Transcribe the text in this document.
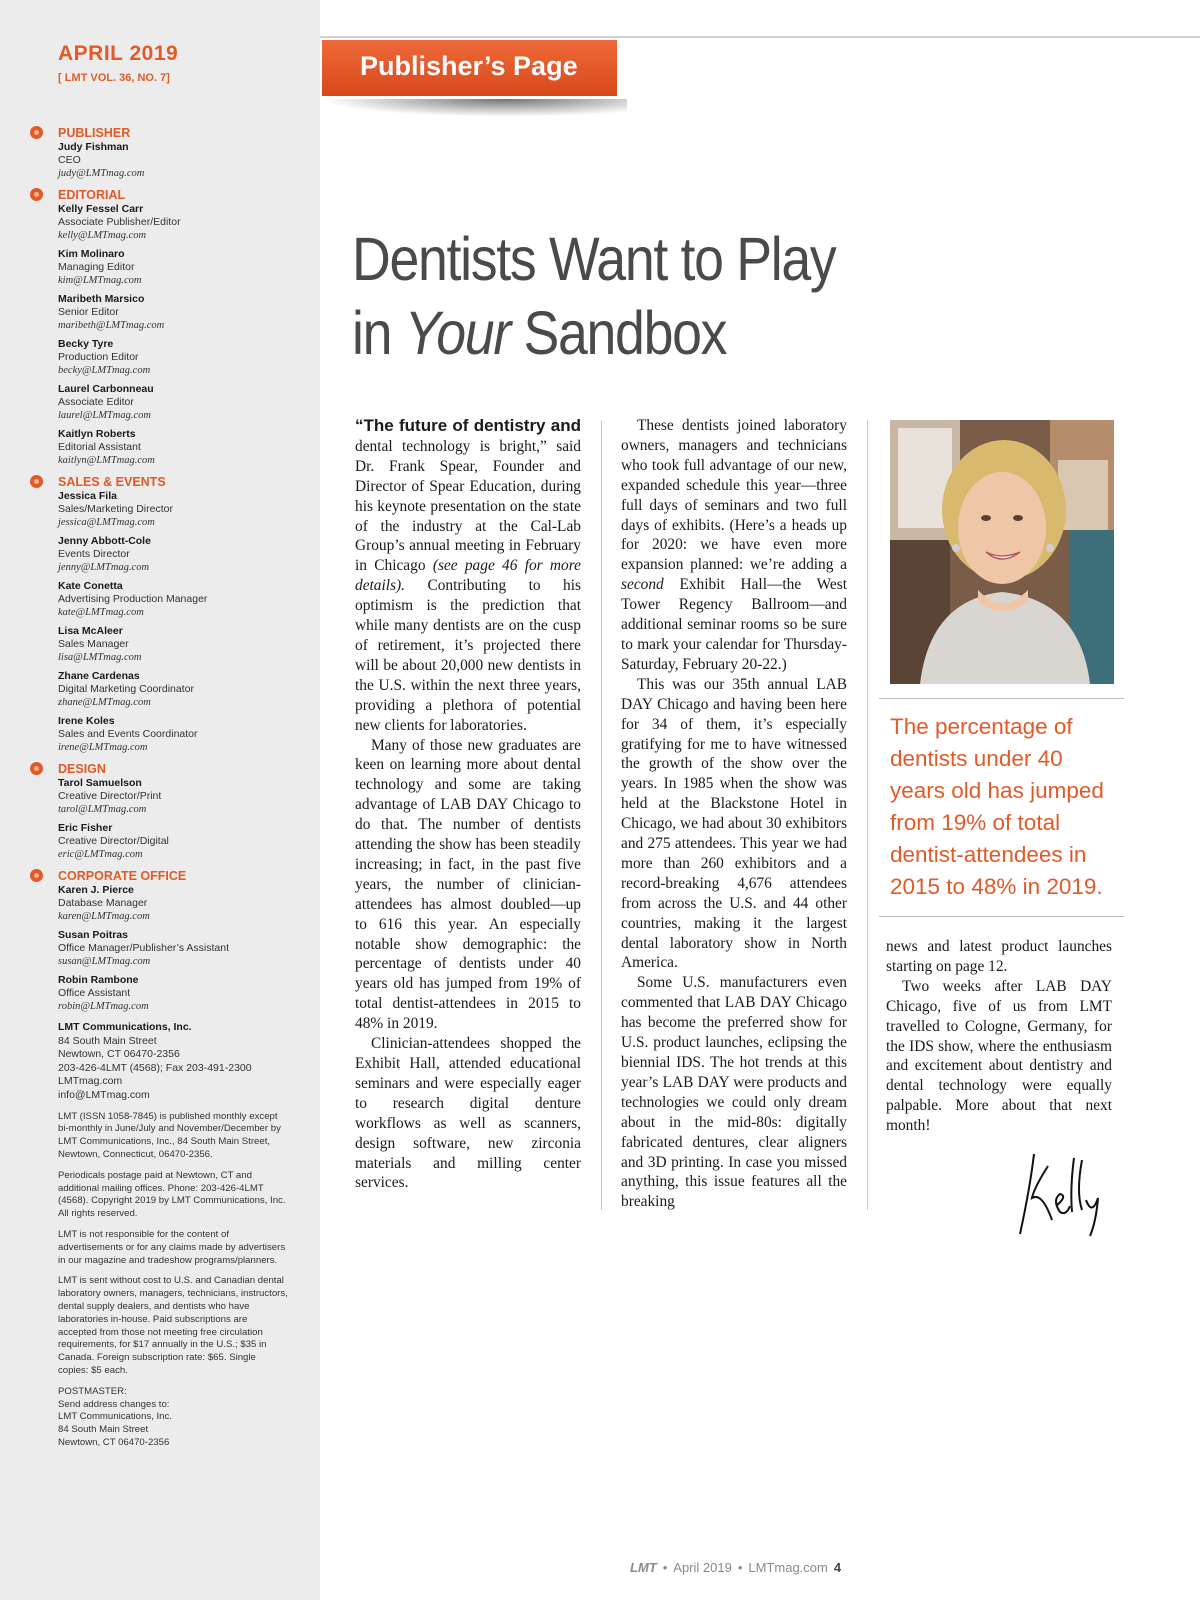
APRIL 2019
[ LMT VOL. 36, NO. 7]
PUBLISHER
Judy Fishman
CEO
judy@LMTmag.com
EDITORIAL
Kelly Fessel Carr
Associate Publisher/Editor
kelly@LMTmag.com
Kim Molinaro
Managing Editor
kim@LMTmag.com
Maribeth Marsico
Senior Editor
maribeth@LMTmag.com
Becky Tyre
Production Editor
becky@LMTmag.com
Laurel Carbonneau
Associate Editor
laurel@LMTmag.com
Kaitlyn Roberts
Editorial Assistant
kaitlyn@LMTmag.com
SALES & EVENTS
Jessica Fila
Sales/Marketing Director
jessica@LMTmag.com
Jenny Abbott-Cole
Events Director
jenny@LMTmag.com
Kate Conetta
Advertising Production Manager
kate@LMTmag.com
Lisa McAleer
Sales Manager
lisa@LMTmag.com
Zhane Cardenas
Digital Marketing Coordinator
zhane@LMTmag.com
Irene Koles
Sales and Events Coordinator
irene@LMTmag.com
DESIGN
Tarol Samuelson
Creative Director/Print
tarol@LMTmag.com
Eric Fisher
Creative Director/Digital
eric@LMTmag.com
CORPORATE OFFICE
Karen J. Pierce
Database Manager
karen@LMTmag.com
Susan Poitras
Office Manager/Publisher’s Assistant
susan@LMTmag.com
Robin Rambone
Office Assistant
robin@LMTmag.com
LMT Communications, Inc.
84 South Main Street
Newtown, CT 06470-2356
203-426-4LMT (4568); Fax 203-491-2300
LMTmag.com
info@LMTmag.com

LMT (ISSN 1058-7845) is published monthly except bi-monthly in June/July and November/December by LMT Communications, Inc., 84 South Main Street, Newtown, Connecticut, 06470-2356.

Periodicals postage paid at Newtown, CT and additional mailing offices. Phone: 203-426-4LMT (4568). Copyright 2019 by LMT Communications, Inc. All rights reserved.

LMT is not responsible for the content of advertisements or for any claims made by advertisers in our magazine and tradeshow programs/planners.

LMT is sent without cost to U.S. and Canadian dental laboratory owners, managers, technicians, instructors, dental supply dealers, and dentists who have laboratories in-house. Paid subscriptions are accepted from those not meeting free circulation requirements, for $17 annually in the U.S.; $35 in Canada. Foreign subscription rate: $65. Single copies: $5 each.

POSTMASTER:
Send address changes to:
LMT Communications, Inc.
84 South Main Street
Newtown, CT 06470-2356

Publisher’s Page
Dentists Want to Play
in Your Sandbox

“The future of dentistry and dental technology is bright,” said Dr. Frank Spear, Founder and Director of Spear Education, during his keynote presentation on the state of the industry at the Cal-Lab Group’s annual meeting in February in Chicago (see page 46 for more details). Contributing to his optimism is the prediction that while many dentists are on the cusp of retirement, it’s projected there will be about 20,000 new dentists in the U.S. within the next three years, providing a plethora of potential new clients for laboratories.

Many of those new graduates are keen on learning more about dental technology and some are taking advantage of LAB DAY Chicago to do that. The number of dentists attending the show has been steadily increasing; in fact, in the past five years, the number of clinician-attendees has almost doubled—up to 616 this year. An especially notable show demographic: the percentage of dentists under 40 years old has jumped from 19% of total dentist-attendees in 2015 to 48% in 2019.

Clinician-attendees shopped the Exhibit Hall, attended educational seminars and were especially eager to research digital denture workflows as well as scanners, design software, new zirconia materials and milling center services.

These dentists joined laboratory owners, managers and technicians who took full advantage of our new, expanded schedule this year—three full days of seminars and two full days of exhibits. (Here’s a heads up for 2020: we have even more expansion planned: we’re adding a second Exhibit Hall—the West Tower Regency Ballroom—and additional seminar rooms so be sure to mark your calendar for Thursday-Saturday, February 20-22.)

This was our 35th annual LAB DAY Chicago and having been here for 34 of them, it’s especially gratifying for me to have witnessed the growth of the show over the years. In 1985 when the show was held at the Blackstone Hotel in Chicago, we had about 30 exhibitors and 275 attendees. This year we had more than 260 exhibitors and a record-breaking 4,676 attendees from across the U.S. and 44 other countries, making it the largest dental laboratory show in North America.

Some U.S. manufacturers even commented that LAB DAY Chicago has become the preferred show for U.S. product launches, eclipsing the biennial IDS. The hot trends at this year’s LAB DAY were products and technologies we could only dream about in the mid-80s: digitally fabricated dentures, clear aligners and 3D printing. In case you missed anything, this issue features all the breaking

The percentage of dentists under 40 years old has jumped from 19% of total dentist-attendees in 2015 to 48% in 2019.

news and latest product launches starting on page 12.

Two weeks after LAB DAY Chicago, five of us from LMT travelled to Cologne, Germany, for the IDS show, where the enthusiasm and excitement about dentistry and dental technology were equally palpable. More about that next month!

LMT • April 2019 • LMTmag.com 4
